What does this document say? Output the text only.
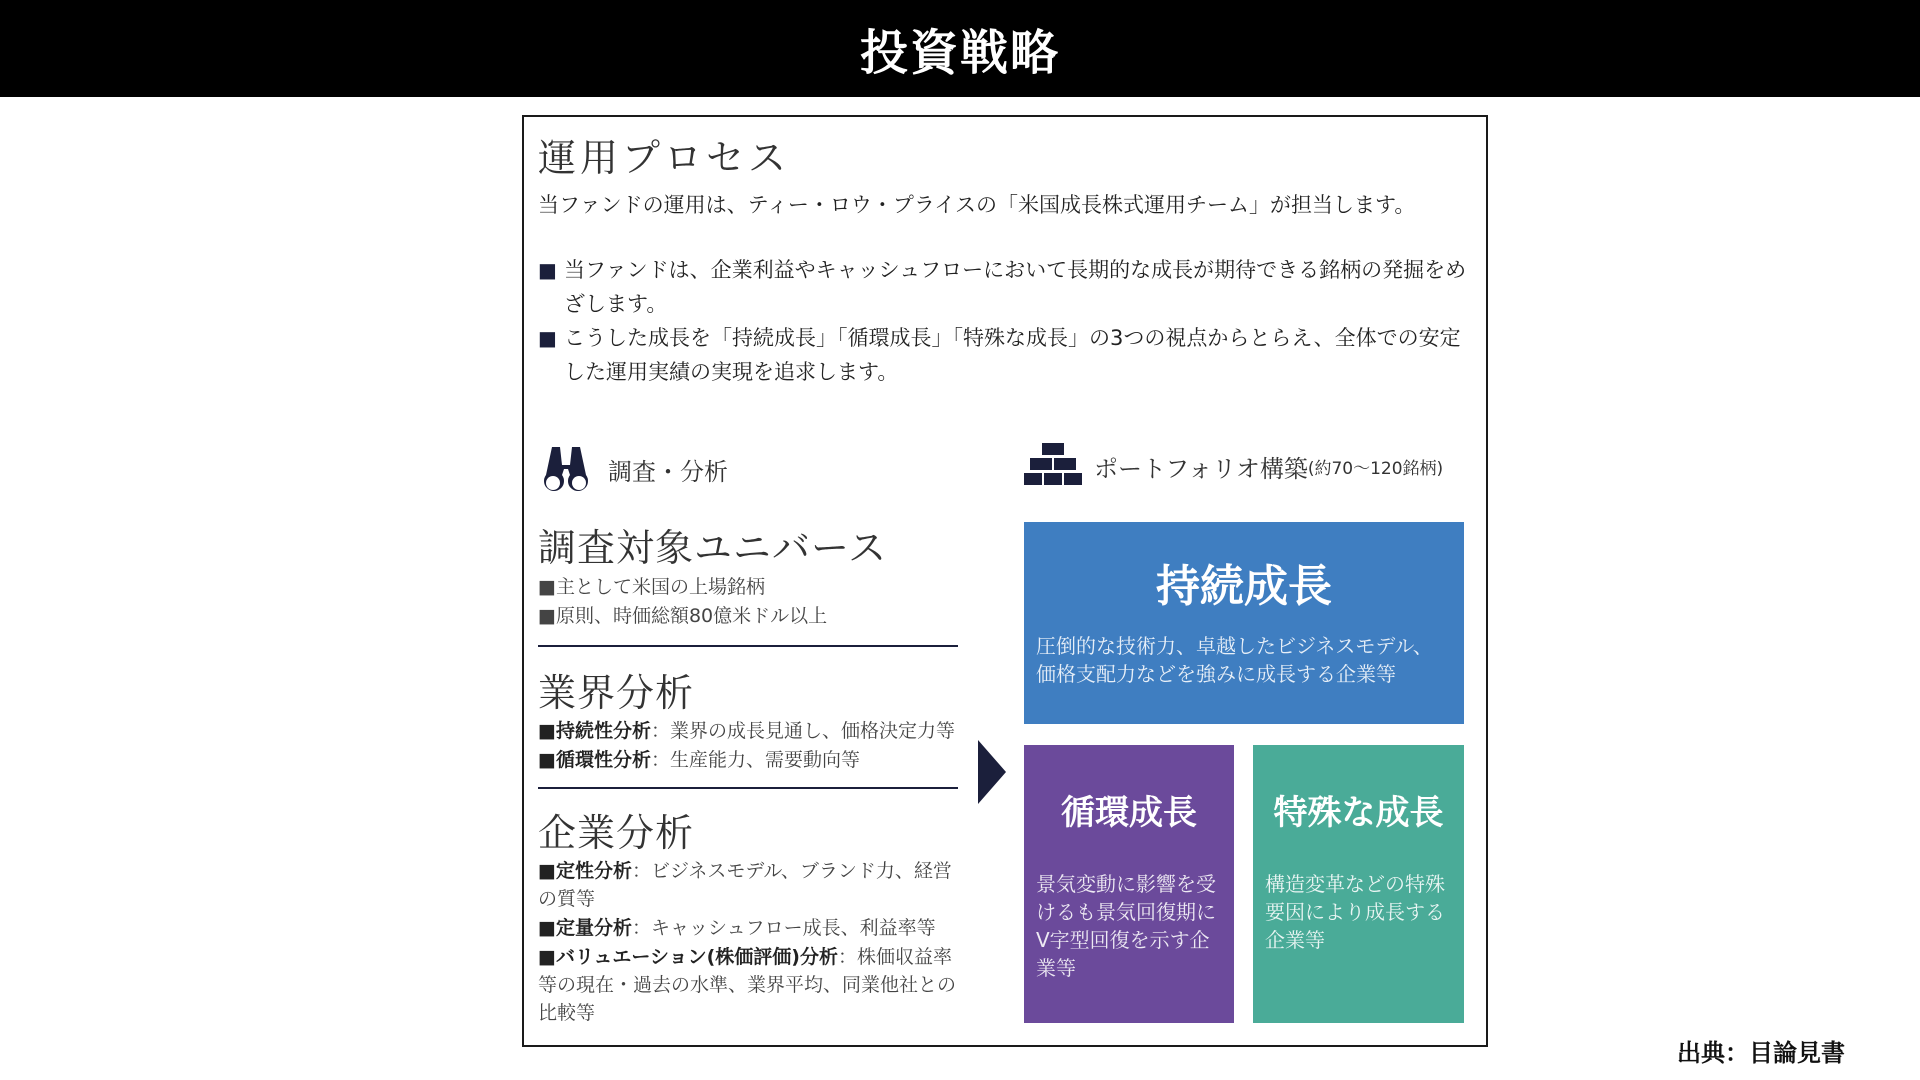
投資戦略
運用プロセス
当ファンドの運用は、ティー・ロウ・プライスの「米国成長株式運用チーム」が担当します。
■ 当ファンドは、企業利益やキャッシュフローにおいて長期的な成長が期待できる銘柄の発掘をめざします。
■ こうした成長を「持続成長」「循環成長」「特殊な成長」の3つの視点からとらえ、全体での安定した運用実績の実現を追求します。
調査・分析
調査対象ユニバース
■主として米国の上場銘柄
■原則、時価総額80億米ドル以上
業界分析
■持続性分析：業界の成長見通し、価格決定力等
■循環性分析：生産能力、需要動向等
企業分析
■定性分析：ビジネスモデル、ブランド力、経営の質等
■定量分析：キャッシュフロー成長、利益率等
■バリュエーション(株価評価)分析：株価収益率等の現在・過去の水準、業界平均、同業他社との比較等
ポートフォリオ構築 (約70～120銘柄)
持続成長
圧倒的な技術力、卓越したビジネスモデル、価格支配力などを強みに成長する企業等
循環成長
景気変動に影響を受けるも景気回復期にV字型回復を示す企業等
特殊な成長
構造変革などの特殊要因により成長する企業等
出典：目論見書
